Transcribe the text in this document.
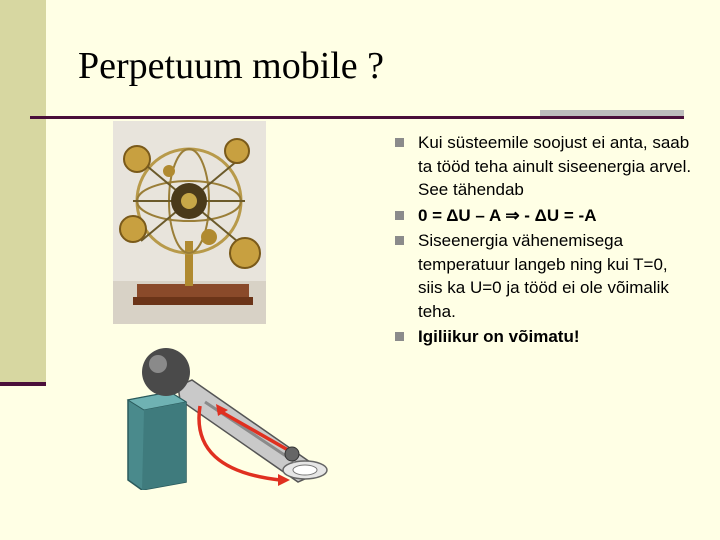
Perpetuum mobile ?
Kui süsteemile soojust ei anta, saab ta tööd teha ainult siseenergia arvel. See tähendab
0 = ΔU – A ⇒ - ΔU = -A
Siseenergia vähenemisega temperatuur langeb ning kui T=0, siis ka U=0 ja tööd ei ole võimalik teha.
Igiliikur on võimatu!
